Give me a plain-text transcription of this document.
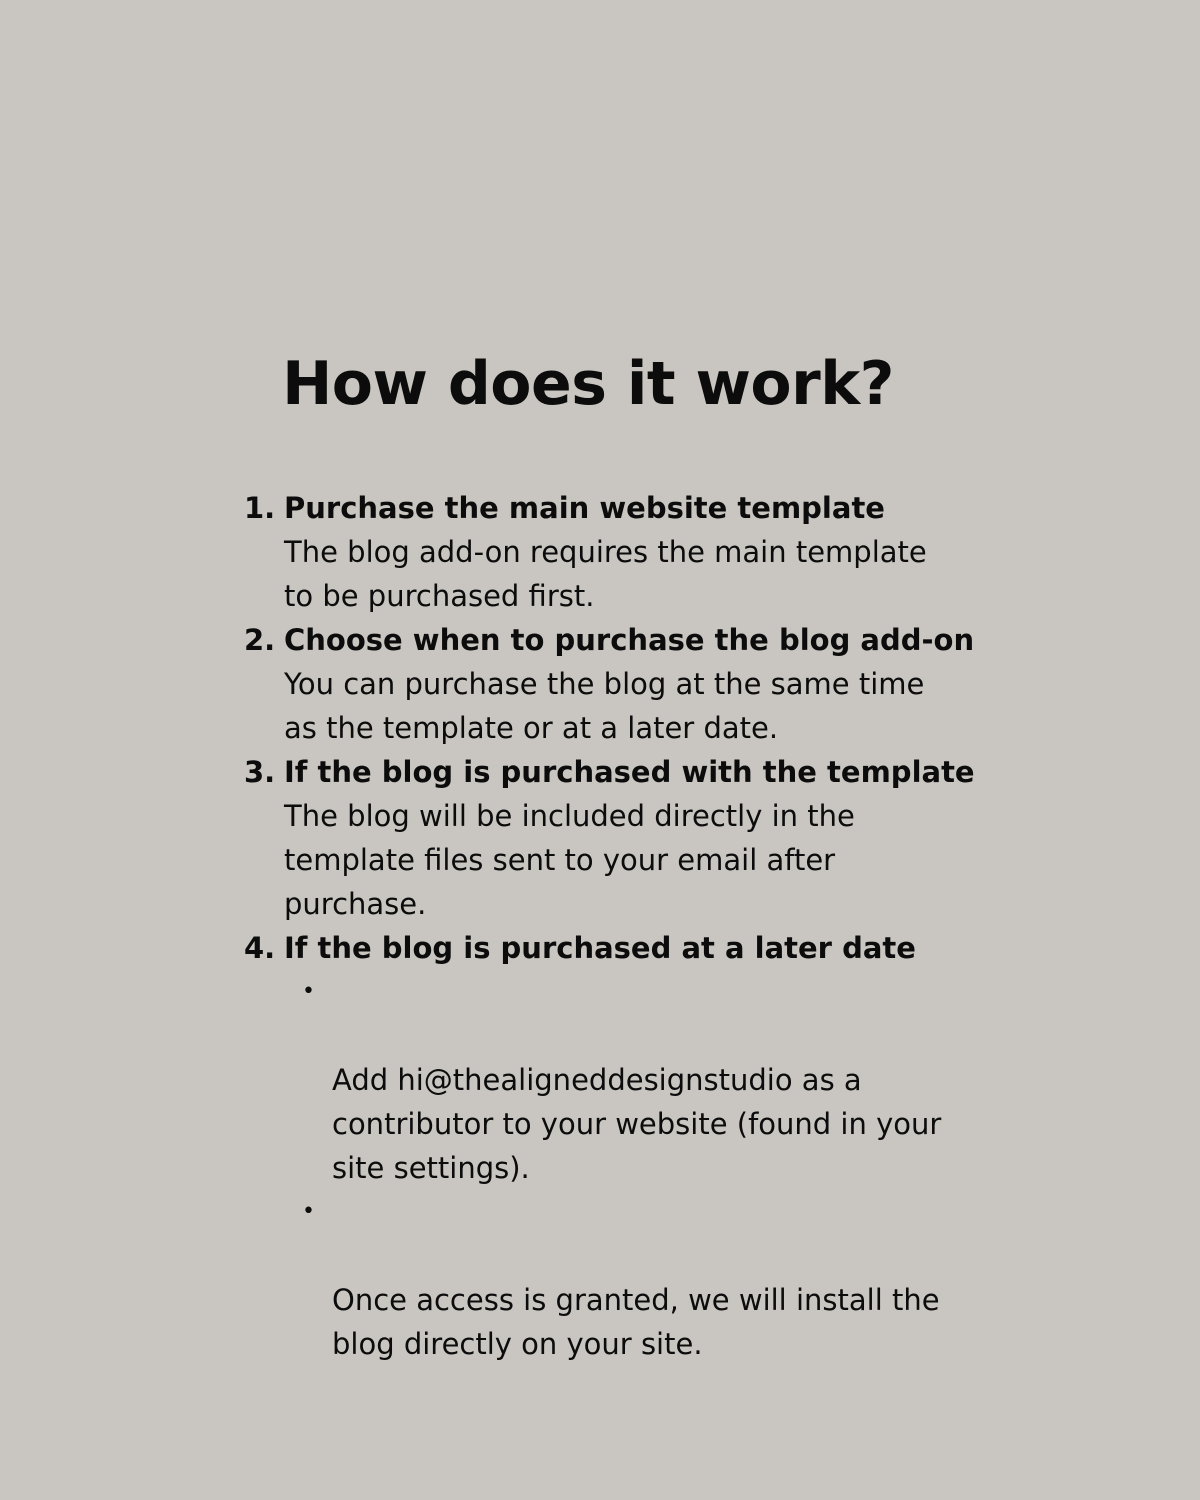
How does it work?
1. Purchase the main website template
The blog add-on requires the main template
to be purchased first.
2. Choose when to purchase the blog add-on
You can purchase the blog at the same time
as the template or at a later date.
3. If the blog is purchased with the template
The blog will be included directly in the
template files sent to your email after
purchase.
4. If the blog is purchased at a later date

•

Add hi@thealigneddesignstudio as a
contributor to your website (found in your
site settings).

•

Once access is granted, we will install the
blog directly on your site.
